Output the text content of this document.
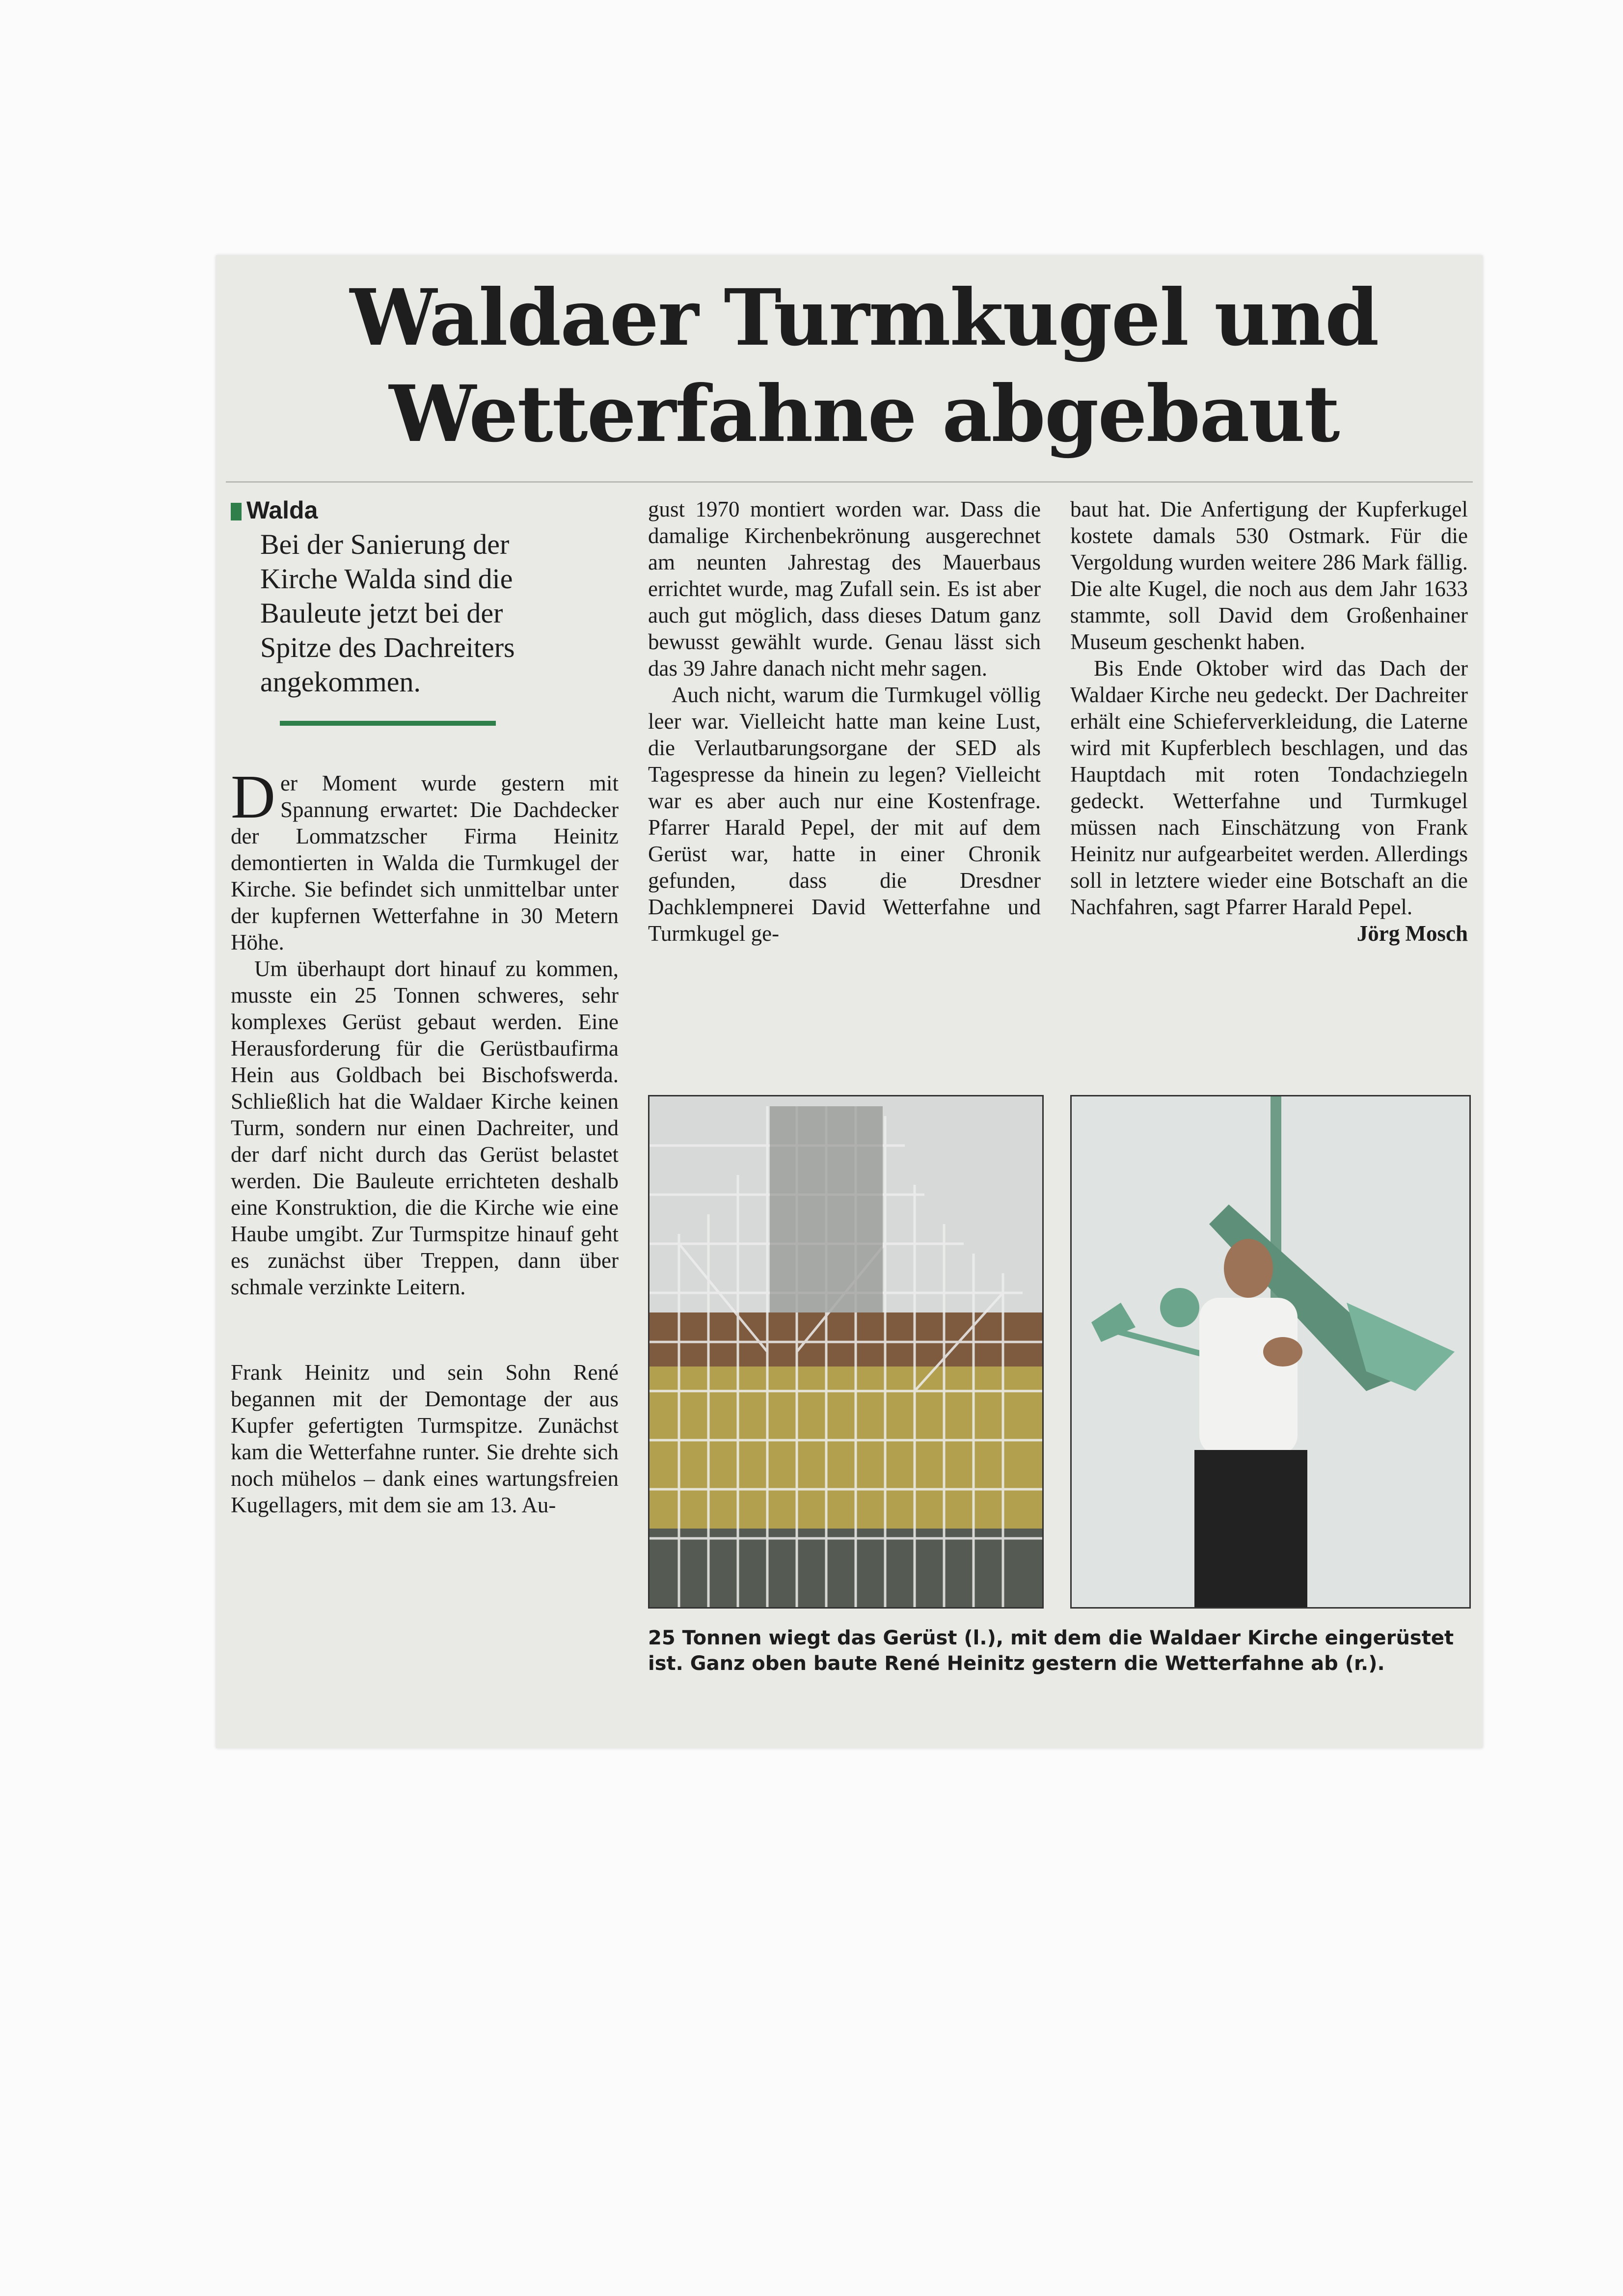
Waldaer Turmkugel und
Wetterfahne abgebaut
Walda
Bei der Sanierung der Kirche Walda sind die Bauleute jetzt bei der Spitze des Dachreiters angekommen.

Der Moment wurde gestern mit Spannung erwartet: Die Dachdecker der Lommatzscher Firma Heinitz demontierten in Walda die Turmkugel der Kirche. Sie befindet sich unmittelbar unter der kupfernen Wetterfahne in 30 Metern Höhe.

Um überhaupt dort hinauf zu kommen, musste ein 25 Tonnen schweres, sehr komplexes Gerüst gebaut werden. Eine Herausforderung für die Gerüstbaufirma Hein aus Goldbach bei Bischofswerda. Schließlich hat die Waldaer Kirche keinen Turm, sondern nur einen Dachreiter, und der darf nicht durch das Gerüst belastet werden. Die Bauleute errichteten deshalb eine Konstruktion, die die Kirche wie eine Haube umgibt. Zur Turmspitze hinauf geht es zunächst über Treppen, dann über schmale verzinkte Leitern.

Frank Heinitz und sein Sohn René begannen mit der Demontage der aus Kupfer gefertigten Turmspitze. Zunächst kam die Wetterfahne runter. Sie drehte sich noch mühelos – dank eines wartungsfreien Kugellagers, mit dem sie am 13. Au-

gust 1970 montiert worden war. Dass die damalige Kirchenbekrönung ausgerechnet am neunten Jahrestag des Mauerbaus errichtet wurde, mag Zufall sein. Es ist aber auch gut möglich, dass dieses Datum ganz bewusst gewählt wurde. Genau lässt sich das 39 Jahre danach nicht mehr sagen.

Auch nicht, warum die Turmkugel völlig leer war. Vielleicht hatte man keine Lust, die Verlautbarungsorgane der SED als Tagespresse da hinein zu legen? Vielleicht war es aber auch nur eine Kostenfrage. Pfarrer Harald Pepel, der mit auf dem Gerüst war, hatte in einer Chronik gefunden, dass die Dresdner Dachklempnerei David Wetterfahne und Turmkugel ge-

baut hat. Die Anfertigung der Kupferkugel kostete damals 530 Ostmark. Für die Vergoldung wurden weitere 286 Mark fällig. Die alte Kugel, die noch aus dem Jahr 1633 stammte, soll David dem Großenhainer Museum geschenkt haben.

Bis Ende Oktober wird das Dach der Waldaer Kirche neu gedeckt. Der Dachreiter erhält eine Schieferverkleidung, die Laterne wird mit Kupferblech beschlagen, und das Hauptdach mit roten Tondachziegeln gedeckt. Wetterfahne und Turmkugel müssen nach Einschätzung von Frank Heinitz nur aufgearbeitet werden. Allerdings soll in letztere wieder eine Botschaft an die Nachfahren, sagt Pfarrer Harald Pepel.
Jörg Mosch

25 Tonnen wiegt das Gerüst (l.), mit dem die Waldaer Kirche eingerüstet ist. Ganz oben baute René Heinitz gestern die Wetterfahne ab (r.).
